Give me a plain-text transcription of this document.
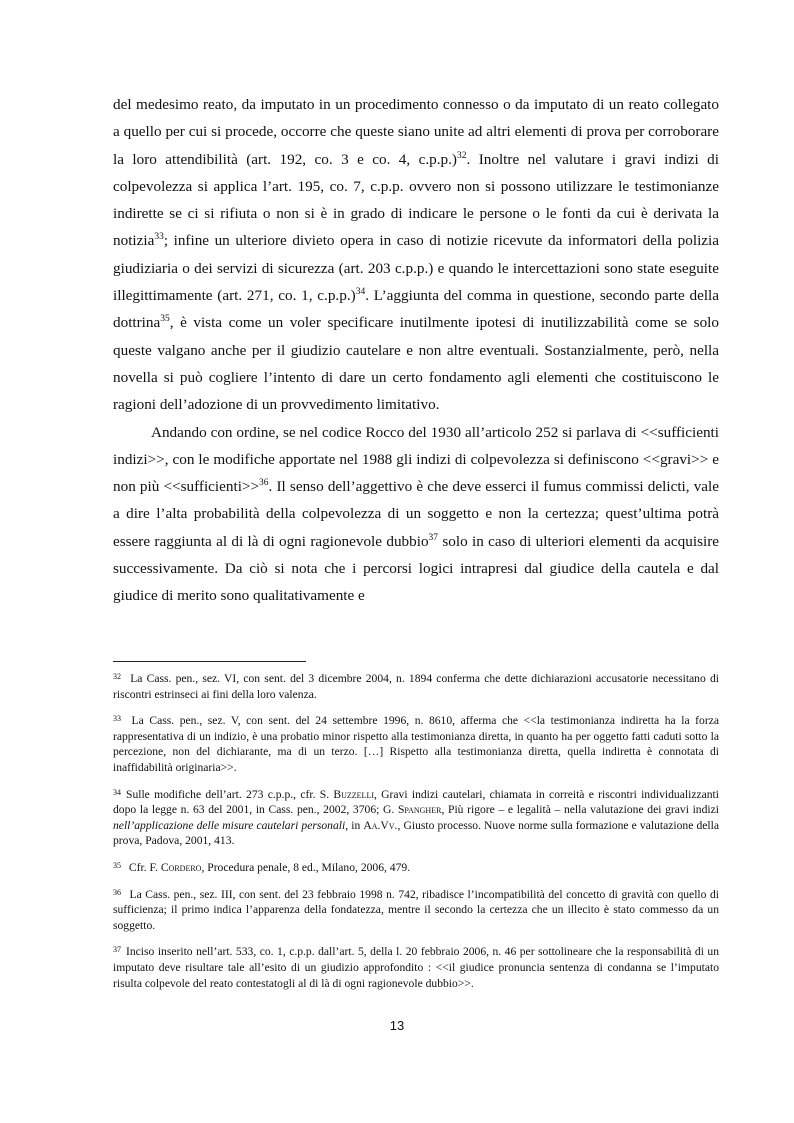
del medesimo reato, da imputato in un procedimento connesso o da imputato di un reato collegato a quello per cui si procede, occorre che queste siano unite ad altri elementi di prova per corroborare la loro attendibilità (art. 192, co. 3 e co. 4, c.p.p.)$^{32}$. Inoltre nel valutare i gravi indizi di colpevolezza si applica l’art. 195, co. 7, c.p.p. ovvero non si possono utilizzare le testimonianze indirette se ci si rifiuta o non si è in grado di indicare le persone o le fonti da cui è derivata la notizia$^{33}$; infine un ulteriore divieto opera in caso di notizie ricevute da informatori della polizia giudiziaria o dei servizi di sicurezza (art. 203 c.p.p.) e quando le intercettazioni sono state eseguite illegittimamente (art. 271, co. 1, c.p.p.)$^{34}$. L’aggiunta del comma in questione, secondo parte della dottrina$^{35}$, è vista come un voler specificare inutilmente ipotesi di inutilizzabilità come se solo queste valgano anche per il giudizio cautelare e non altre eventuali. Sostanzialmente, però, nella novella si può cogliere l’intento di dare un certo fondamento agli elementi che costituiscono le ragioni dell’adozione di un provvedimento limitativo.

Andando con ordine, se nel codice Rocco del 1930 all’articolo 252 si parlava di <<sufficienti indizi>>, con le modifiche apportate nel 1988 gli indizi di colpevolezza si definiscono <<gravi>> e non più <<sufficienti>>$^{36}$. Il senso dell’aggettivo è che deve esserci il fumus commissi delicti, vale a dire l’alta probabilità della colpevolezza di un soggetto e non la certezza; quest’ultima potrà essere raggiunta al di là di ogni ragionevole dubbio$^{37}$ solo in caso di ulteriori elementi da acquisire successivamente. Da ciò si nota che i percorsi logici intrapresi dal giudice della cautela e dal giudice di merito sono qualitativamente e

$^{32}$ La Cass. pen., sez. VI, con sent. del 3 dicembre 2004, n. 1894 conferma che dette dichiarazioni accusatorie necessitano di riscontri estrinseci ai fini della loro valenza.

$^{33}$ La Cass. pen., sez. V, con sent. del 24 settembre 1996, n. 8610, afferma che <<la testimonianza indiretta ha la forza rappresentativa di un indizio, è una probatio minor rispetto alla testimonianza diretta, in quanto ha per oggetto fatti caduti sotto la percezione, non del dichiarante, ma di un terzo. […] Rispetto alla testimonianza diretta, quella indiretta è connotata di inaffidabilità originaria>>.

$^{34}$ Sulle modifiche dell’art. 273 c.p.p., cfr. S. Buzzelli, Gravi indizi cautelari, chiamata in correità e riscontri individualizzanti dopo la legge n. 63 del 2001, in Cass. pen., 2002, 3706; G. Spangher, Più rigore – e legalità – nella valutazione dei gravi indizi nell’applicazione delle misure cautelari personali, in Aa.Vv., Giusto processo. Nuove norme sulla formazione e valutazione della prova, Padova, 2001, 413.

$^{35}$ Cfr. F. Cordero, Procedura penale, 8 ed., Milano, 2006, 479.

$^{36}$ La Cass. pen., sez. III, con sent. del 23 febbraio 1998 n. 742, ribadisce l’incompatibilità del concetto di gravità con quello di sufficienza; il primo indica l’apparenza della fondatezza, mentre il secondo la certezza che un illecito è stato commesso da un soggetto.

$^{37}$ Inciso inserito nell’art. 533, co. 1, c.p.p. dall’art. 5, della l. 20 febbraio 2006, n. 46 per sottolineare che la responsabilità di un imputato deve risultare tale all’esito di un giudizio approfondito : <<il giudice pronuncia sentenza di condanna se l’imputato risulta colpevole del reato contestatogli al di là di ogni ragionevole dubbio>>.

13
